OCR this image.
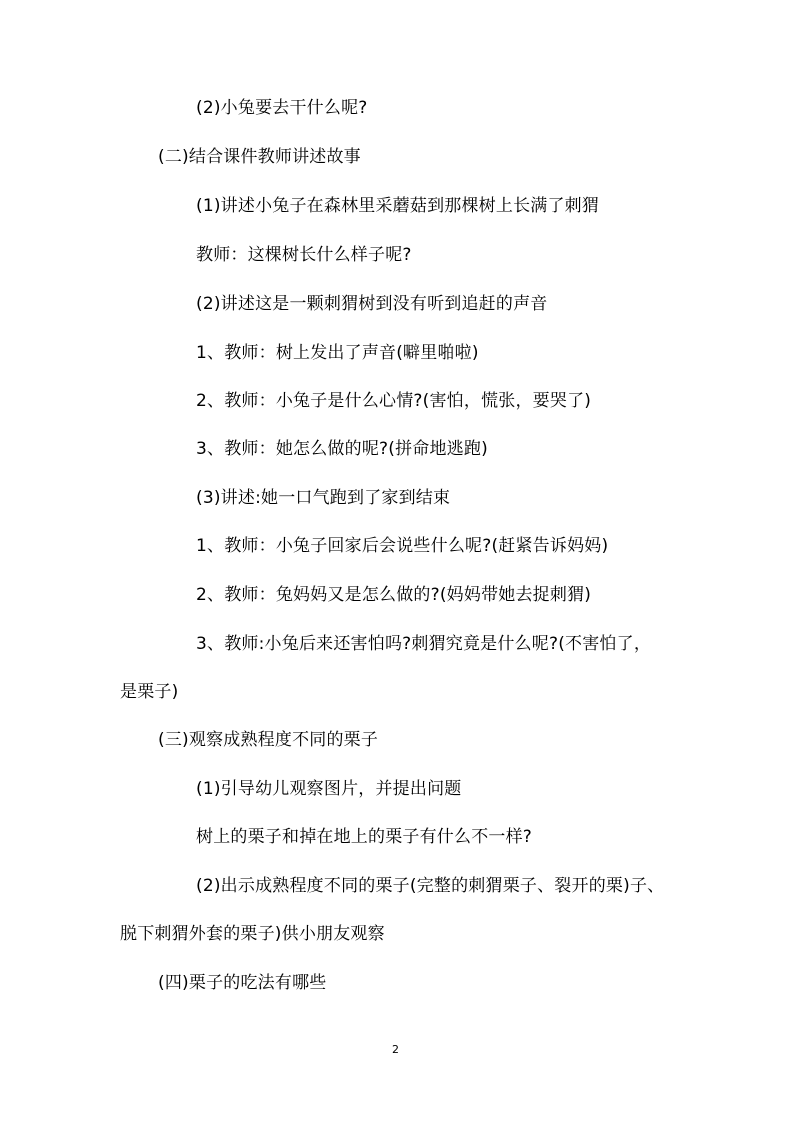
(2)小兔要去干什么呢?
(二)结合课件教师讲述故事
(1)讲述小兔子在森林里采蘑菇到那棵树上长满了刺猬
教师：这棵树长什么样子呢?
(2)讲述这是一颗刺猬树到没有听到追赶的声音
1、教师：树上发出了声音(噼里啪啦)
2、教师：小兔子是什么心情?(害怕，慌张，要哭了)
3、教师：她怎么做的呢?(拼命地逃跑)
(3)讲述:她一口气跑到了家到结束
1、教师：小兔子回家后会说些什么呢?(赶紧告诉妈妈)
2、教师：兔妈妈又是怎么做的?(妈妈带她去捉刺猬)
3、教师:小兔后来还害怕吗?刺猬究竟是什么呢?(不害怕了，
是栗子)
(三)观察成熟程度不同的栗子
(1)引导幼儿观察图片，并提出问题
树上的栗子和掉在地上的栗子有什么不一样?
(2)出示成熟程度不同的栗子(完整的刺猬栗子、裂开的栗)子、
脱下刺猬外套的栗子)供小朋友观察
(四)栗子的吃法有哪些
2
